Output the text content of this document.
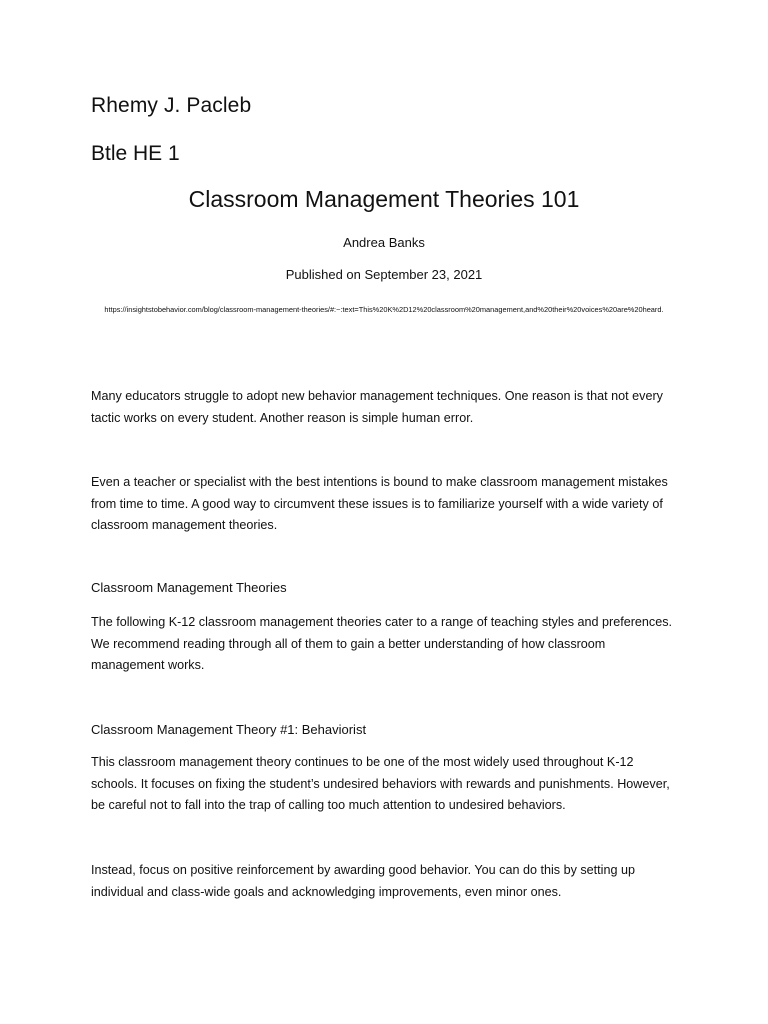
Rhemy J. Pacleb

Btle HE 1

Classroom Management Theories 101

Andrea Banks

Published on September 23, 2021

https://insightstobehavior.com/blog/classroom-management-theories/#:~:text=This%20K%2D12%20classroom%20management,and%20their%20voices%20are%20heard.

Many educators struggle to adopt new behavior management techniques. One reason is that not every tactic works on every student. Another reason is simple human error.

Even a teacher or specialist with the best intentions is bound to make classroom management mistakes from time to time. A good way to circumvent these issues is to familiarize yourself with a wide variety of classroom management theories.

Classroom Management Theories

The following K-12 classroom management theories cater to a range of teaching styles and preferences. We recommend reading through all of them to gain a better understanding of how classroom management works.

Classroom Management Theory #1: Behaviorist

This classroom management theory continues to be one of the most widely used throughout K-12 schools. It focuses on fixing the student’s undesired behaviors with rewards and punishments. However, be careful not to fall into the trap of calling too much attention to undesired behaviors.

Instead, focus on positive reinforcement by awarding good behavior. You can do this by setting up individual and class-wide goals and acknowledging improvements, even minor ones.
